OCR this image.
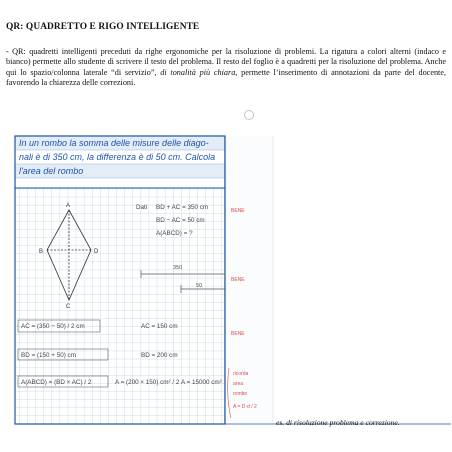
QR: QUADRETTO E RIGO INTELLIGENTE
- QR: quadretti intelligenti preceduti da righe ergonomiche per la risoluzione di problemi. La rigatura a colori alterni (indaco e bianco) permette allo studente di scrivere il testo del problema. Il resto del foglio è a quadretti per la risoluzione del problema. Anche qui lo spazio/colonna laterale “di servizio”, di tonalità più chiara, permette l’inserimento di annotazioni da parte del docente, favorendo la chiarezza delle correzioni.
In un rombo la somma delle misure delle diago-
nali è di 350 cm, la differenza è di 50 cm. Calcola
l'area del rombo
A
B
C
D
Dati BD + AC = 350 cm
BD − AC = 50 cm
A(ABCD) = ?
350
50
AC = (350 − 50) / 2 cm	AC = 150 cm
BD = (150 + 50) cm	BD = 200 cm
A(ABCD) = (BD × AC) / 2	A = (200 × 150) cm² / 2 A = 15000 cm²
BENE
BENE
BENE
ricorda
area
rombo
A = D·d / 2
es. di risoluzione problema e correzione.
